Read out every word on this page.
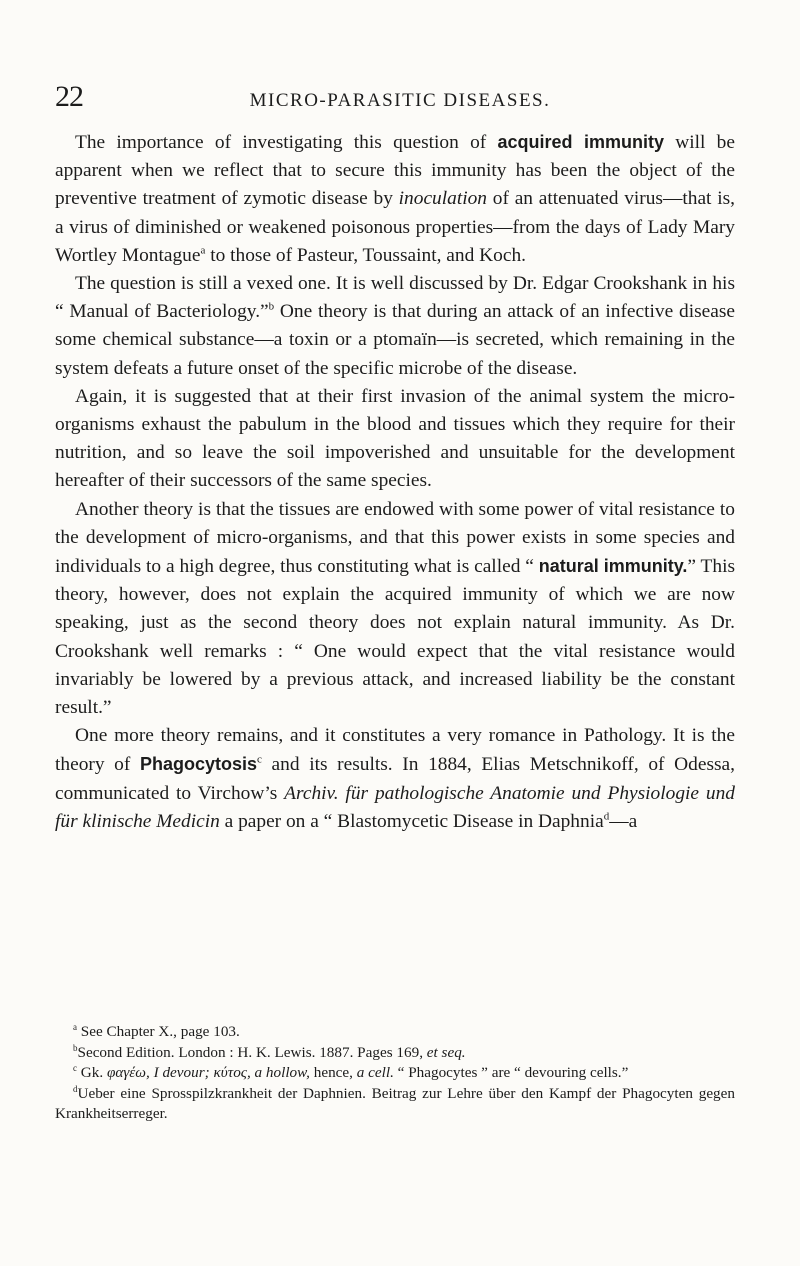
22	MICRO-PARASITIC DISEASES.

The importance of investigating this question of acquired immunity will be apparent when we reflect that to secure this immunity has been the object of the preventive treatment of zymotic disease by inoculation of an attenuated virus—that is, a virus of diminished or weakened poisonous properties—from the days of Lady Mary Wortley Montague$^a$ to those of Pasteur, Toussaint, and Koch.

The question is still a vexed one. It is well discussed by Dr. Edgar Crookshank in his “ Manual of Bacteriology.”$^b$ One theory is that during an attack of an infective disease some chemical substance—a toxin or a ptomaïn—is secreted, which remaining in the system defeats a future onset of the specific microbe of the disease.

Again, it is suggested that at their first invasion of the animal system the micro-organisms exhaust the pabulum in the blood and tissues which they require for their nutrition, and so leave the soil impoverished and unsuitable for the development hereafter of their successors of the same species.

Another theory is that the tissues are endowed with some power of vital resistance to the development of micro-organisms, and that this power exists in some species and individuals to a high degree, thus constituting what is called “ natural immunity.” This theory, however, does not explain the acquired immunity of which we are now speaking, just as the second theory does not explain natural immunity. As Dr. Crookshank well remarks : “ One would expect that the vital resistance would invariably be lowered by a previous attack, and increased liability be the constant result.”

One more theory remains, and it constitutes a very romance in Pathology. It is the theory of Phagocytosis$^c$ and its results. In 1884, Elias Metschnikoff, of Odessa, communicated to Virchow’s Archiv. für pathologische Anatomie und Physiologie und für klinische Medicin a paper on a “ Blastomycetic Disease in Daphnia$^d$—a

$^a$ See Chapter X., page 103.

$^b$Second Edition. London : H. K. Lewis. 1887. Pages 169, et seq.

$^c$ Gk. φαγέω, I devour; κύτος, a hollow, hence, a cell. “ Phagocytes ” are “ devouring cells.”

$^d$Ueber eine Sprosspilzkrankheit der Daphnien. Beitrag zur Lehre über den Kampf der Phagocyten gegen Krankheitserreger.
